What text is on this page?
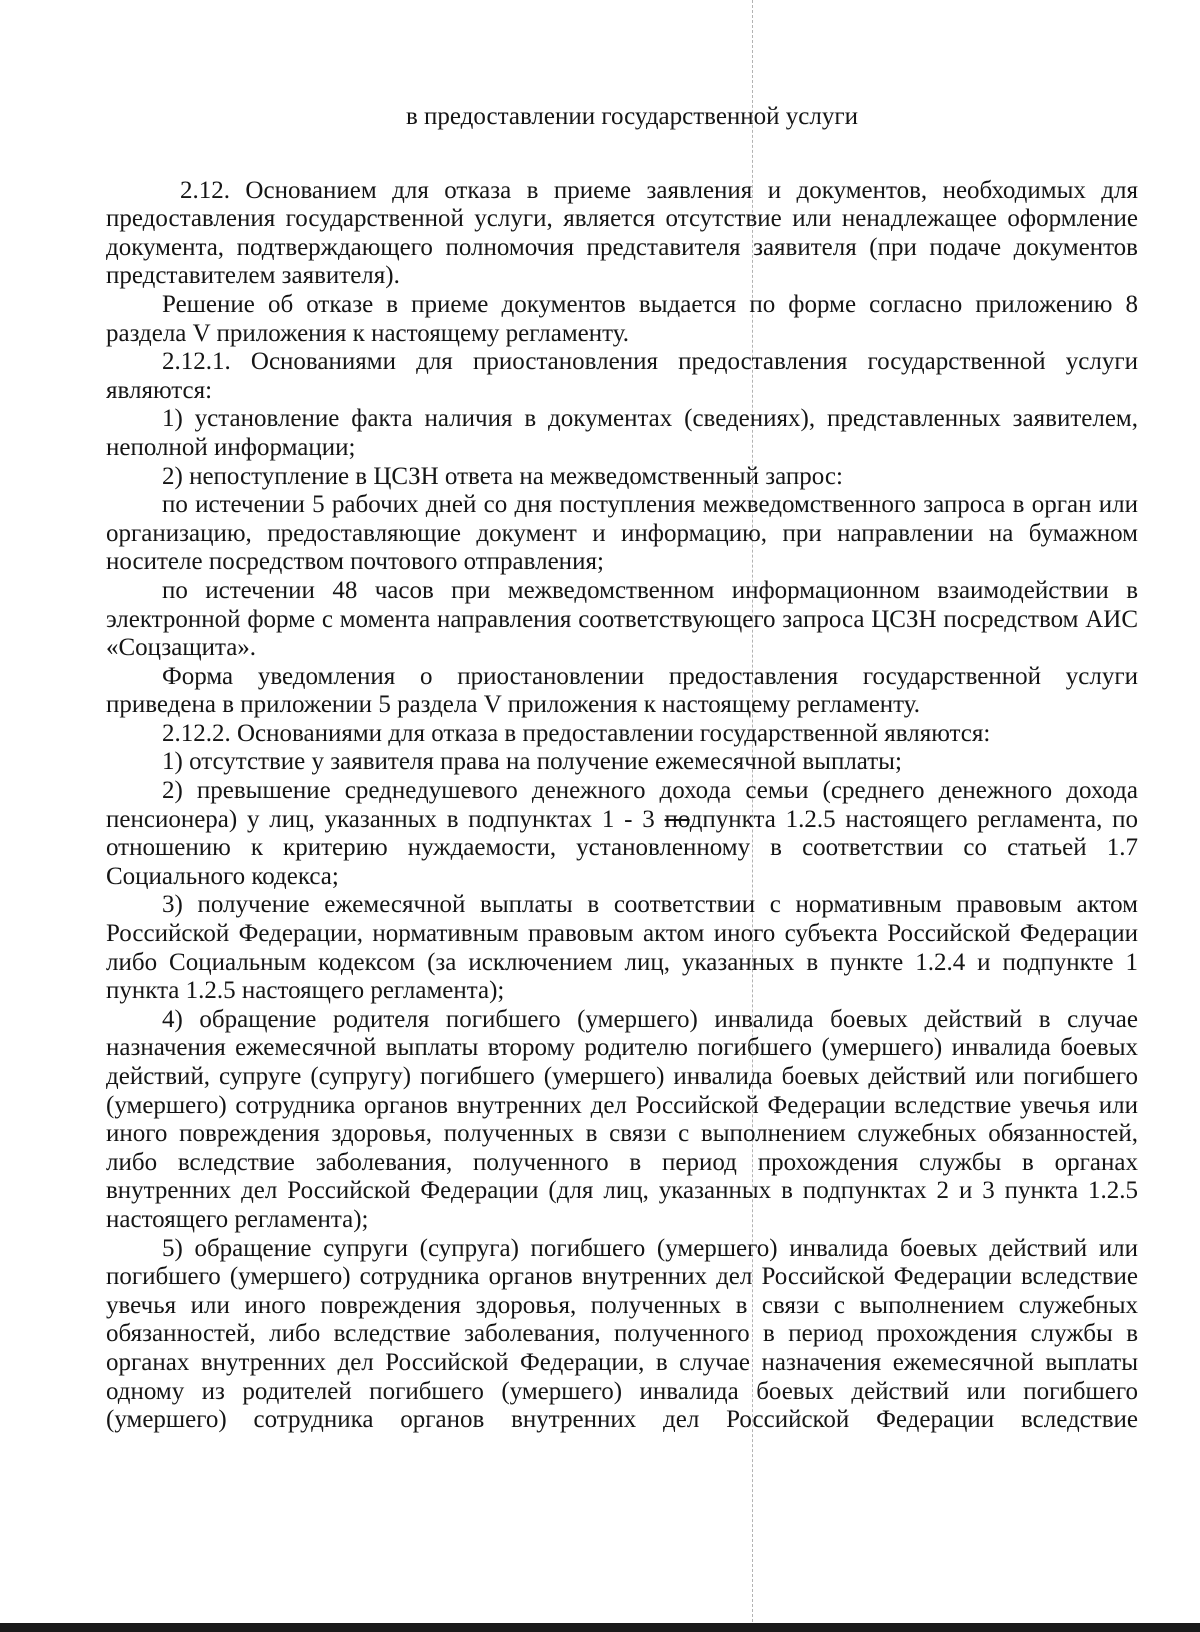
в предоставлении государственной услуги

2.12. Основанием для отказа в приеме заявления и документов, необходимых для предоставления государственной услуги, является отсутствие или ненадлежащее оформление документа, подтверждающего полномочия представителя заявителя (при подаче документов представителем заявителя).

Решение об отказе в приеме документов выдается по форме согласно приложению 8 раздела V приложения к настоящему регламенту.

2.12.1. Основаниями для приостановления предоставления государственной услуги являются:

1) установление факта наличия в документах (сведениях), представленных заявителем, неполной информации;

2) непоступление в ЦСЗН ответа на межведомственный запрос:

по истечении 5 рабочих дней со дня поступления межведомственного запроса в орган или организацию, предоставляющие документ и информацию, при направлении на бумажном носителе посредством почтового отправления;

по истечении 48 часов при межведомственном информационном взаимодействии в электронной форме с момента направления соответствующего запроса ЦСЗН посредством АИС «Соцзащита».

Форма уведомления о приостановлении предоставления государственной услуги приведена в приложении 5 раздела V приложения к настоящему регламенту.

2.12.2. Основаниями для отказа в предоставлении государственной являются:

1) отсутствие у заявителя права на получение ежемесячной выплаты;

2) превышение среднедушевого денежного дохода семьи (среднего денежного дохода пенсионера) у лиц, указанных в подпунктах 1 - 3 подпункта 1.2.5 настоящего регламента, по отношению к критерию нуждаемости, установленному в соответствии со статьей 1.7 Социального кодекса;

3) получение ежемесячной выплаты в соответствии с нормативным правовым актом Российской Федерации, нормативным правовым актом иного субъекта Российской Федерации либо Социальным кодексом (за исключением лиц, указанных в пункте 1.2.4 и подпункте 1 пункта 1.2.5 настоящего регламента);

4) обращение родителя погибшего (умершего) инвалида боевых действий в случае назначения ежемесячной выплаты второму родителю погибшего (умершего) инвалида боевых действий, супруге (супругу) погибшего (умершего) инвалида боевых действий или погибшего (умершего) сотрудника органов внутренних дел Российской Федерации вследствие увечья или иного повреждения здоровья, полученных в связи с выполнением служебных обязанностей, либо вследствие заболевания, полученного в период прохождения службы в органах внутренних дел Российской Федерации (для лиц, указанных в подпунктах 2 и 3 пункта 1.2.5 настоящего регламента);

5) обращение супруги (супруга) погибшего (умершего) инвалида боевых действий или погибшего (умершего) сотрудника органов внутренних дел Российской Федерации вследствие увечья или иного повреждения здоровья, полученных в связи с выполнением служебных обязанностей, либо вследствие заболевания, полученного в период прохождения службы в органах внутренних дел Российской Федерации, в случае назначения ежемесячной выплаты одному из родителей погибшего (умершего) инвалида боевых действий или погибшего (умершего) сотрудника органов внутренних дел Российской Федерации вследствие
